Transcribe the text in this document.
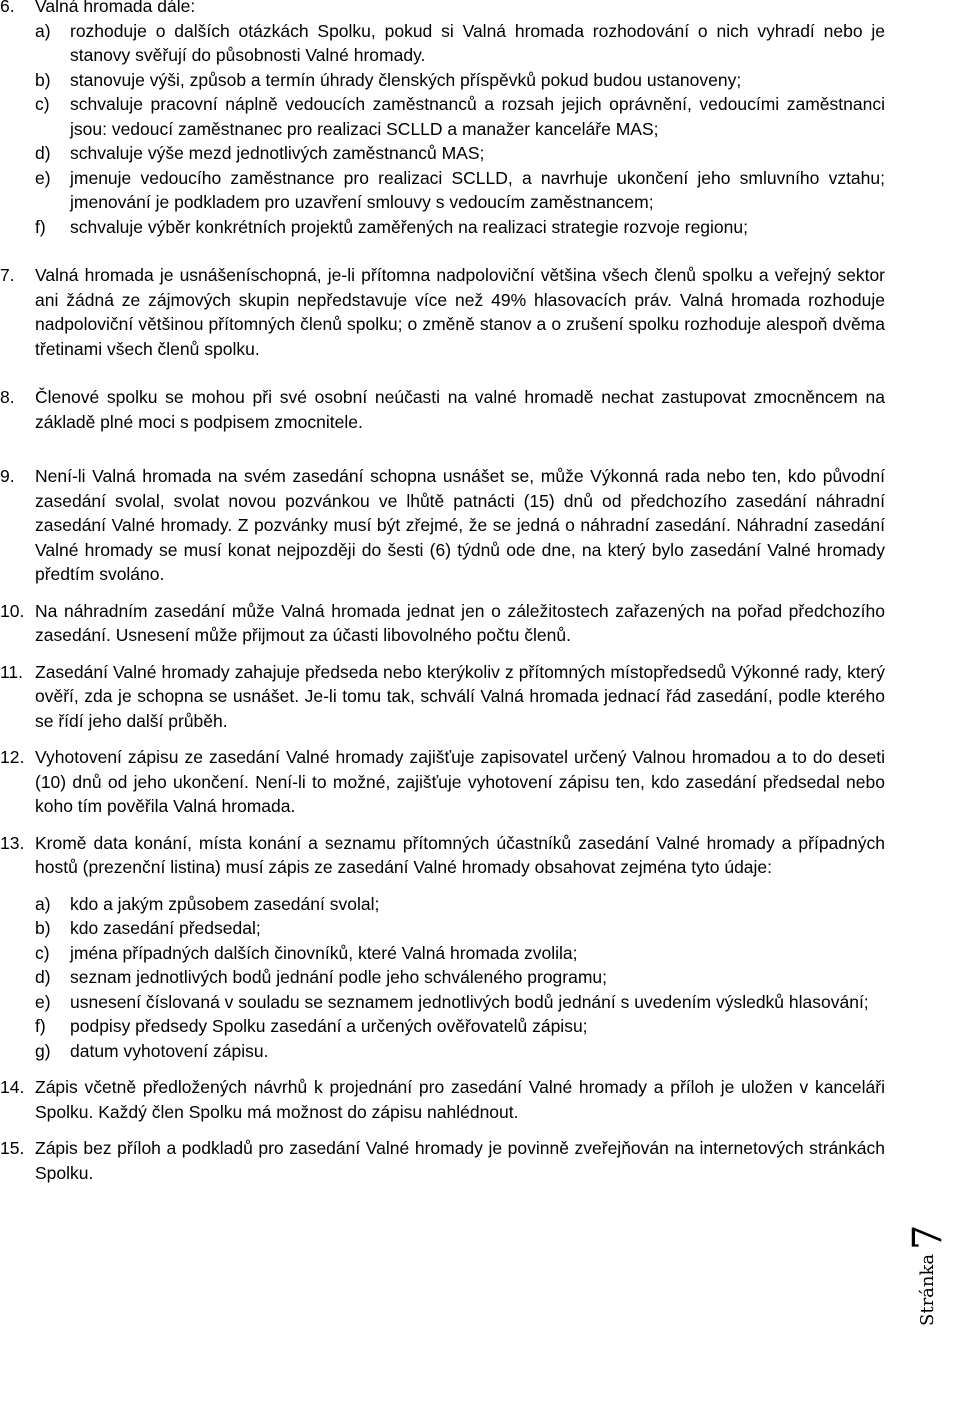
6.	Valná hromada dále:
a)	rozhoduje o dalších otázkách Spolku, pokud si Valná hromada rozhodování o nich vyhradí nebo je stanovy svěřují do působnosti Valné hromady.
b)	stanovuje výši, způsob a termín úhrady členských příspěvků pokud budou ustanoveny;
c)	schvaluje pracovní náplně vedoucích zaměstnanců a rozsah jejich oprávnění, vedoucími zaměstnanci jsou: vedoucí zaměstnanec pro realizaci SCLLD a manažer kanceláře MAS;
d)	schvaluje výše mezd jednotlivých zaměstnanců MAS;
e)	jmenuje vedoucího zaměstnance pro realizaci SCLLD, a navrhuje ukončení jeho smluvního vztahu; jmenování je podkladem pro uzavření smlouvy s vedoucím zaměstnancem;
f)	schvaluje výběr konkrétních projektů zaměřených na realizaci strategie rozvoje regionu;
7.	Valná hromada je usnášeníschopná, je-li přítomna nadpoloviční většina všech členů spolku a veřejný sektor ani žádná ze zájmových skupin nepředstavuje více než 49% hlasovacích práv. Valná hromada rozhoduje nadpoloviční většinou přítomných členů spolku; o změně stanov a o zrušení spolku rozhoduje alespoň dvěma třetinami všech členů spolku.
8.	Členové spolku se mohou při své osobní neúčasti na valné hromadě nechat zastupovat zmocněncem na základě plné moci s podpisem zmocnitele.
9.	Není-li Valná hromada na svém zasedání schopna usnášet se, může Výkonná rada nebo ten, kdo původní zasedání svolal, svolat novou pozvánkou ve lhůtě patnácti (15) dnů od předchozího zasedání náhradní zasedání Valné hromady. Z pozvánky musí být zřejmé, že se jedná o náhradní zasedání. Náhradní zasedání Valné hromady se musí konat nejpozději do šesti (6) týdnů ode dne, na který bylo zasedání Valné hromady předtím svoláno.
10. Na náhradním zasedání může Valná hromada jednat jen o záležitostech zařazených na pořad předchozího zasedání. Usnesení může přijmout za účasti libovolného počtu členů.
11. Zasedání Valné hromady zahajuje předseda nebo kterýkoliv z přítomných místopředsedů Výkonné rady, který ověří, zda je schopna se usnášet. Je-li tomu tak, schválí Valná hromada jednací řád zasedání, podle kterého se řídí jeho další průběh.
12. Vyhotovení zápisu ze zasedání Valné hromady zajišťuje zapisovatel určený Valnou hromadou a to do deseti (10) dnů od jeho ukončení. Není-li to možné, zajišťuje vyhotovení zápisu ten, kdo zasedání předsedal nebo koho tím pověřila Valná hromada.
13. Kromě data konání, místa konání a seznamu přítomných účastníků zasedání Valné hromady a případných hostů (prezenční listina) musí zápis ze zasedání Valné hromady obsahovat zejména tyto údaje:
a)	kdo a jakým způsobem zasedání svolal;
b)	kdo zasedání předsedal;
c)	jména případných dalších činovníků, které Valná hromada zvolila;
d)	seznam jednotlivých bodů jednání podle jeho schváleného programu;
e)	usnesení číslovaná v souladu se seznamem jednotlivých bodů jednání s uvedením výsledků hlasování;
f)	podpisy předsedy Spolku zasedání a určených ověřovatelů zápisu;
g)	datum vyhotovení zápisu.
14. Zápis včetně předložených návrhů k projednání pro zasedání Valné hromady a příloh je uložen v kanceláři Spolku. Každý člen Spolku má možnost do zápisu nahlédnout.
15. Zápis bez příloh a podkladů pro zasedání Valné hromady je povinně zveřejňován na internetových stránkách Spolku.
Stránka
7
